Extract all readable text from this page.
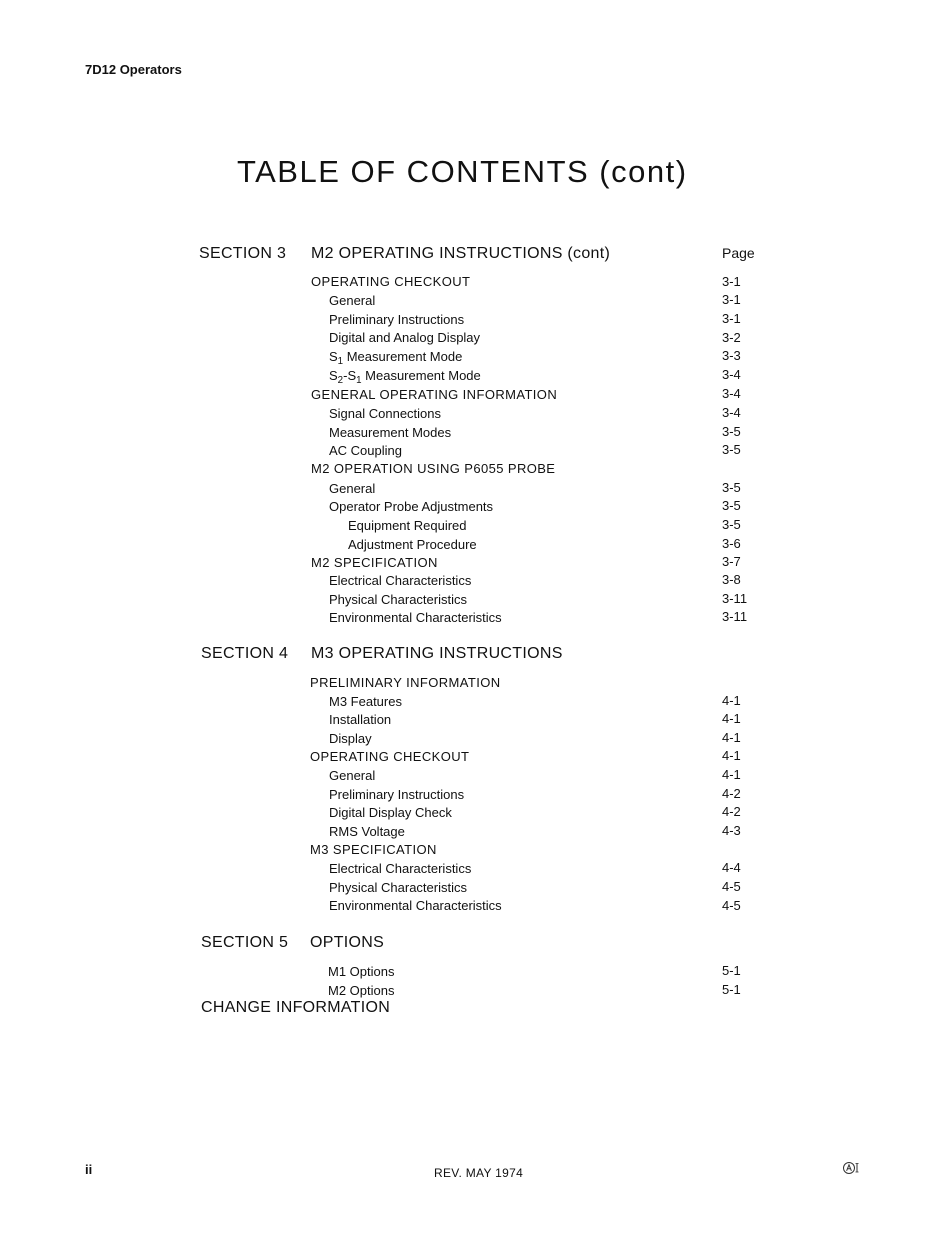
7D12 Operators
TABLE OF CONTENTS (cont)
SECTION 3 M2 OPERATING INSTRUCTIONS (cont)	Page
OPERATING CHECKOUT	3-1
General	3-1
Preliminary Instructions	3-1
Digital and Analog Display	3-2
$S_1$ Measurement Mode	3-3
$S_2-S_1$ Measurement Mode	3-4
GENERAL OPERATING INFORMATION	3-4
Signal Connections	3-4
Measurement Modes	3-5
AC Coupling	3-5
M2 OPERATION USING P6055 PROBE
General	3-5
Operator Probe Adjustments	3-5
Equipment Required	3-5
Adjustment Procedure	3-6
M2 SPECIFICATION	3-7
Electrical Characteristics	3-8
Physical Characteristics	3-11
Environmental Characteristics	3-11
SECTION 4 M3 OPERATING INSTRUCTIONS
PRELIMINARY INFORMATION
M3 Features	4-1
Installation	4-1
Display	4-1
OPERATING CHECKOUT	4-1
General	4-1
Preliminary Instructions	4-2
Digital Display Check	4-2
RMS Voltage	4-3
M3 SPECIFICATION
Electrical Characteristics	4-4
Physical Characteristics	4-5
Environmental Characteristics	4-5
SECTION 5 OPTIONS
M1 Options	5-1
M2 Options	5-1
CHANGE INFORMATION
ii	REV. MAY 1974
